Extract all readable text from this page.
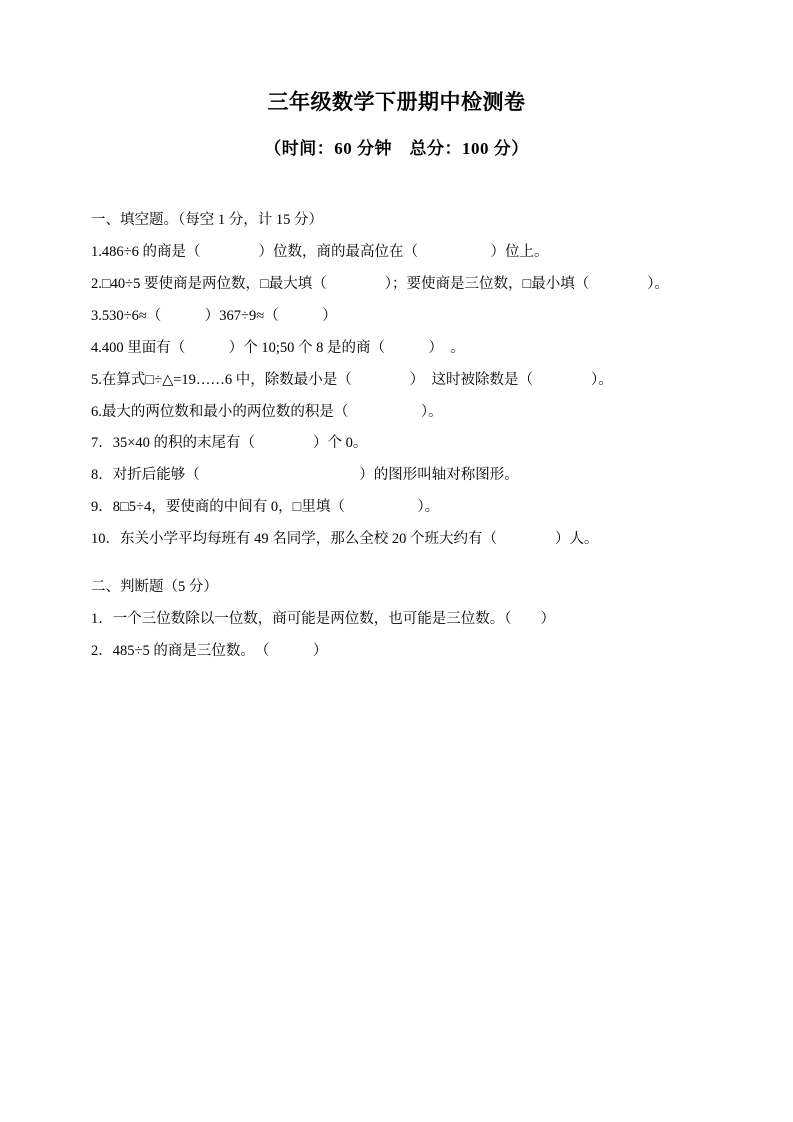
三年级数学下册期中检测卷
（时间：60 分钟　总分：100 分）

一、填空题。（每空 1 分，计 15 分）

1.486÷6 的商是（　　　　）位数，商的最高位在（　　　　　）位上。

2.□40÷5 要使商是两位数，□最大填（　　　　）；要使商是三位数，□最小填（　　　　）。

3.530÷6≈（　　　）367÷9≈（　　　）

4.400 里面有（　　　）个 10;50 个 8 是的商（　　　）　。

5.在算式□÷△=19……6 中，除数最小是（　　　　）　这时被除数是（　　　　）。

6.最大的两位数和最小的两位数的积是（　　　　　）。

7．35×40 的积的末尾有（　　　　）个 0。

8．对折后能够（　　　　　　　　　　　）的图形叫轴对称图形。

9．8□5÷4，要使商的中间有 0，□里填（　　　　　）。

10．东关小学平均每班有 49 名同学，那么全校 20 个班大约有（　　　　）人。

二、判断题（5 分）

1．一个三位数除以一位数，商可能是两位数，也可能是三位数。（　　）

2．485÷5 的商是三位数。　（　　　）
